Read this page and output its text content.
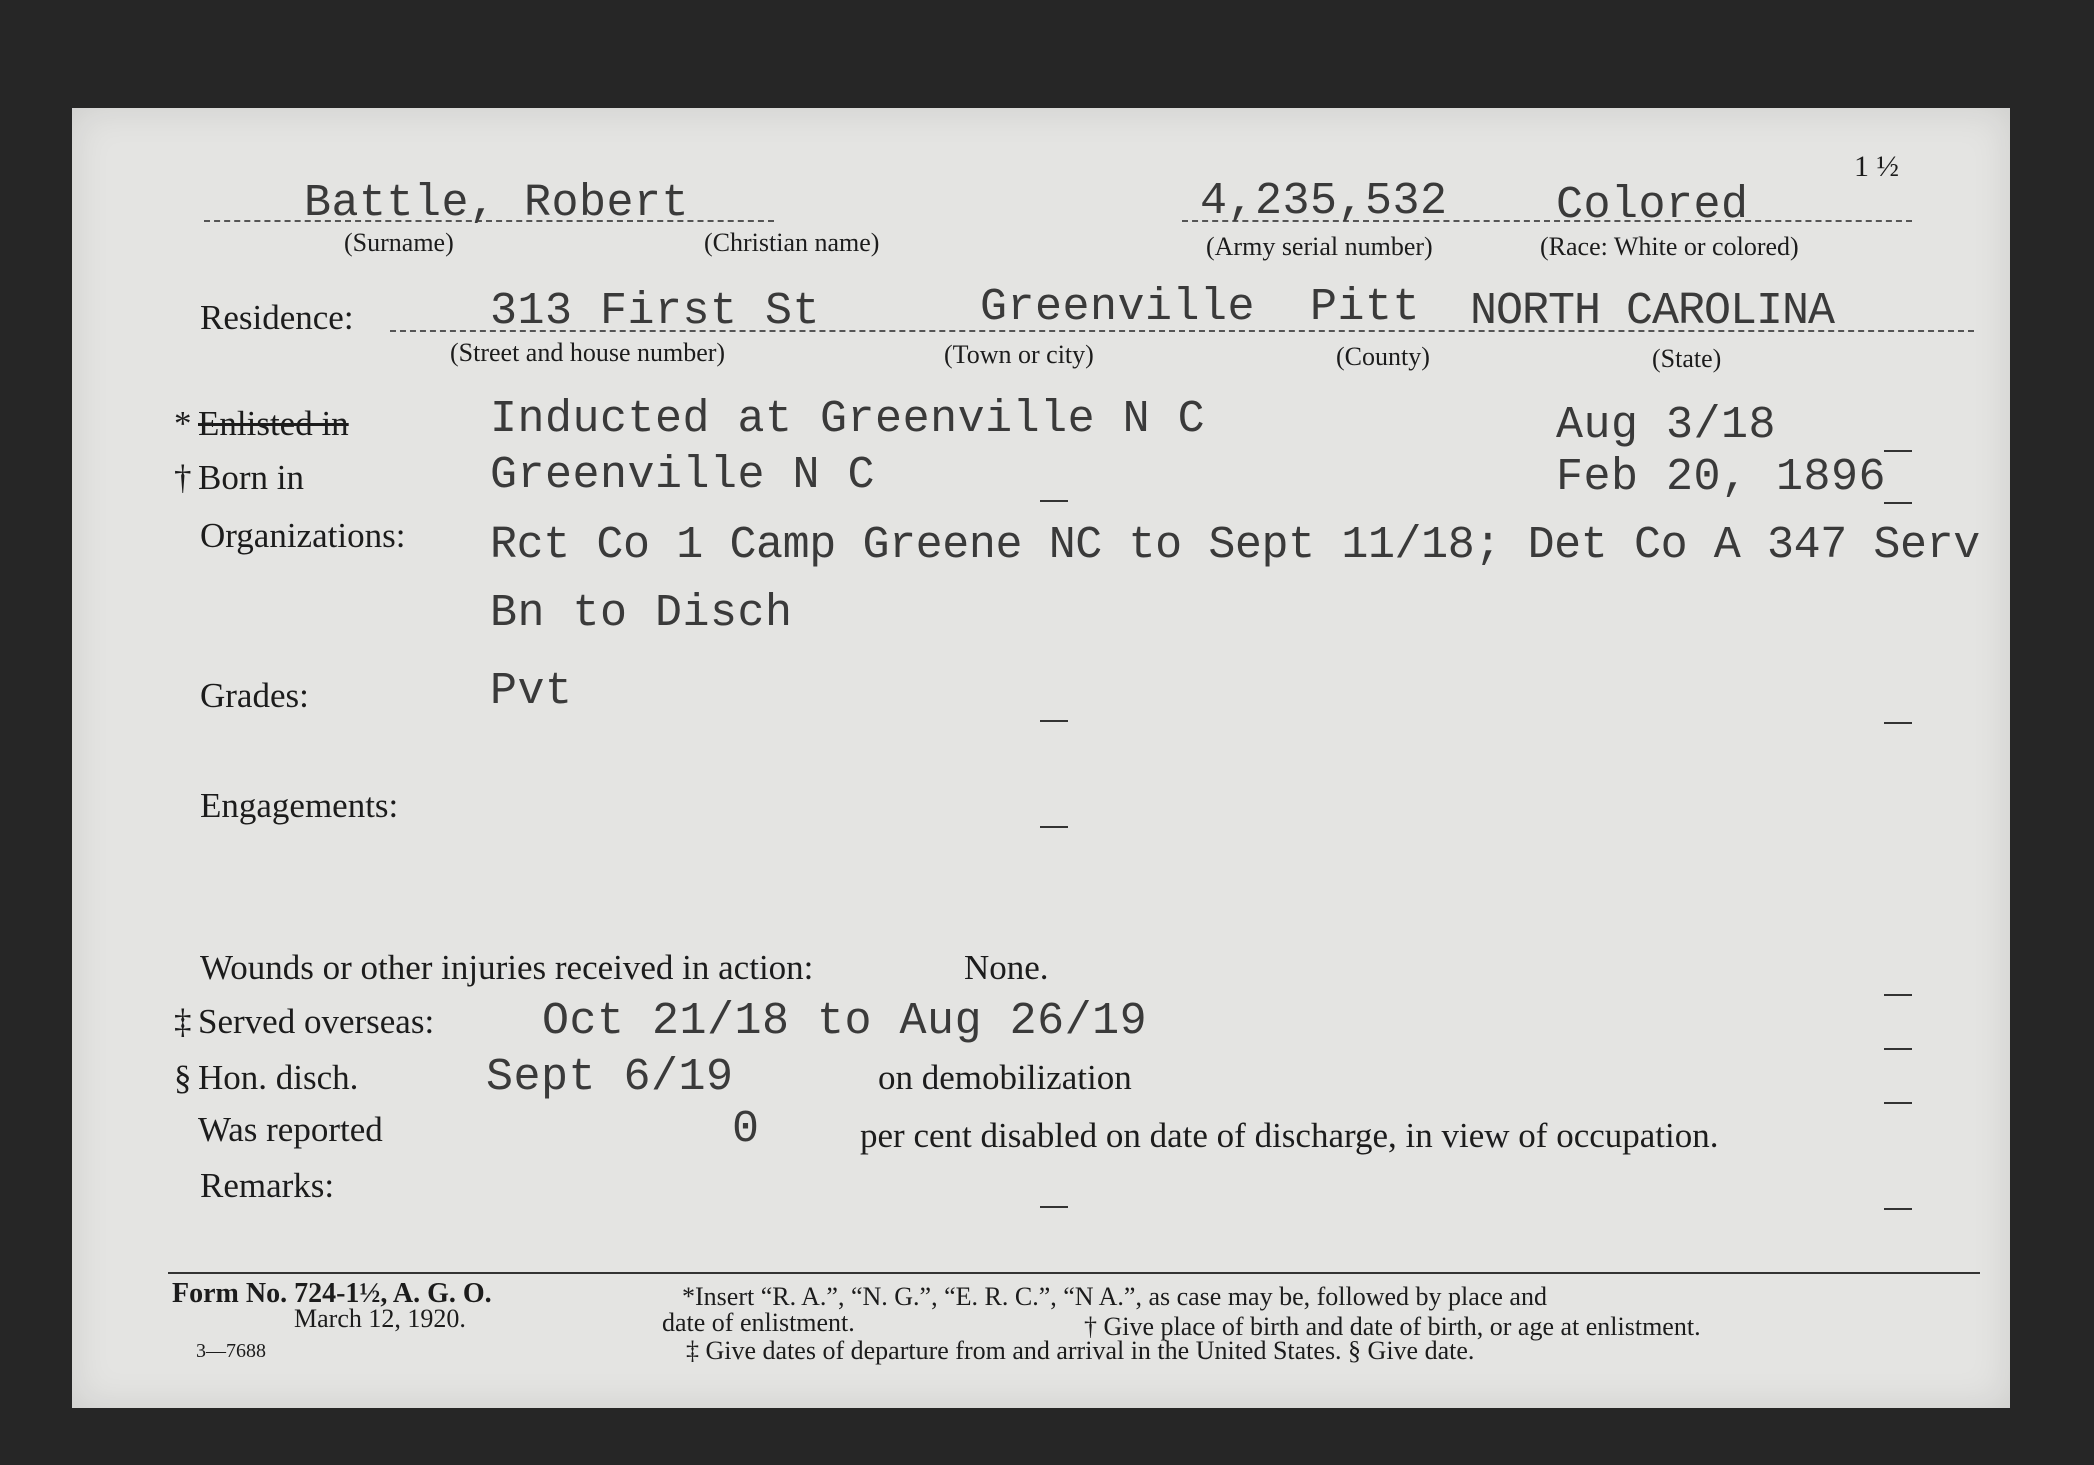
1 ½
Battle, Robert	4,235,532 Colored
(Surname)	(Christian name)	(Army serial number)	(Race: White or colored)
Residence:	313 First St	Greenville Pitt NORTH CAROLINA
(Street and house number)	(Town or city)	(County)	(State)
* Enlisted in	Inducted at Greenville N C	Aug 3/18
† Born in	Greenville N C	Feb 20, 1896
Organizations: Rct Co 1 Camp Greene NC to Sept 11/18; Det Co A 347 Serv
Bn to Disch
Grades:	Pvt
Engagements:
Wounds or other injuries received in action:	None.
‡ Served overseas: Oct 21/18 to Aug 26/19
§ Hon. disch.	Sept 6/19	on demobilization
Was reported	0	per cent disabled on date of discharge, in view of occupation.
Remarks:
Form No. 724-1½, A. G. O.
March 12, 1920.
3—7688
*Insert “R. A.”, “N. G.”, “E. R. C.”, “N A.”, as case may be, followed by place and
date of enlistment.	† Give place of birth and date of birth, or age at enlistment.
‡ Give dates of departure from and arrival in the United States. § Give date.
